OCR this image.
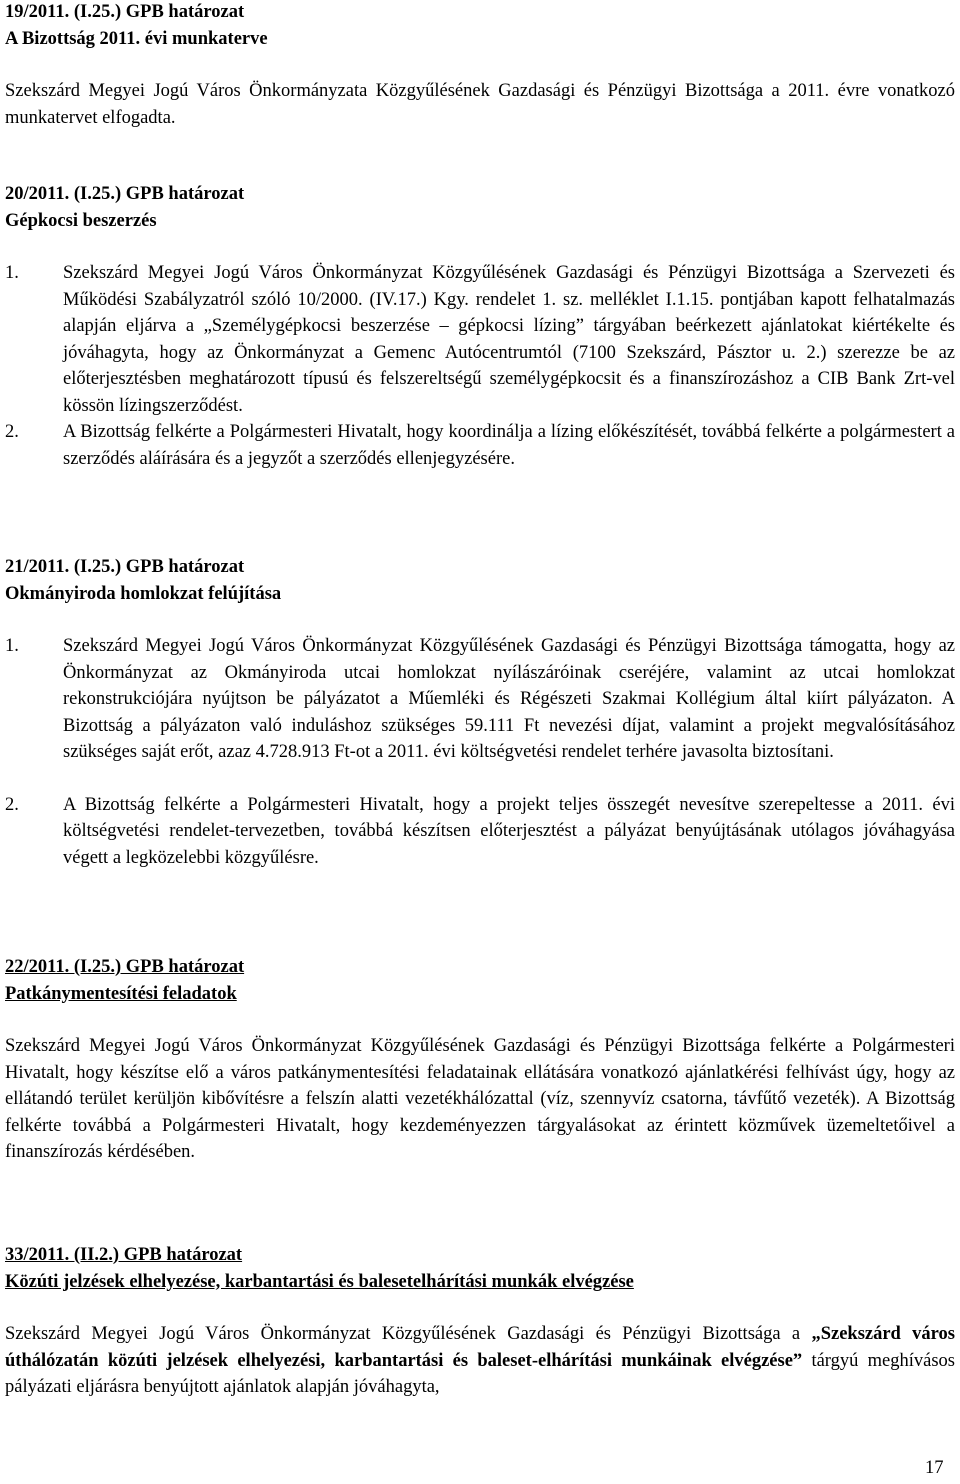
19/2011. (I.25.) GPB határozat

A Bizottság 2011. évi munkaterve

Szekszárd Megyei Jogú Város Önkormányzata Közgyűlésének Gazdasági és Pénzügyi Bizottsága a 2011. évre vonatkozó munkatervet elfogadta.

20/2011. (I.25.) GPB határozat

Gépkocsi beszerzés

1.	Szekszárd Megyei Jogú Város Önkormányzat Közgyűlésének Gazdasági és Pénzügyi Bizottsága a Szervezeti és Működési Szabályzatról szóló 10/2000. (IV.17.) Kgy. rendelet 1. sz. melléklet I.1.15. pontjában kapott felhatalmazás alapján eljárva a „Személygépkocsi beszerzése – gépkocsi lízing” tárgyában beérkezett ajánlatokat kiértékelte és jóváhagyta, hogy az Önkormányzat a Gemenc Autócentrumtól (7100 Szekszárd, Pásztor u. 2.) szerezze be az előterjesztésben meghatározott típusú és felszereltségű személygépkocsit és a finanszírozáshoz a CIB Bank Zrt-vel kössön lízingszerződést.
2.	A Bizottság felkérte a Polgármesteri Hivatalt, hogy koordinálja a lízing előkészítését, továbbá felkérte a polgármestert a szerződés aláírására és a jegyzőt a szerződés ellenjegyzésére.

21/2011. (I.25.) GPB határozat

Okmányiroda homlokzat felújítása

1.	Szekszárd Megyei Jogú Város Önkormányzat Közgyűlésének Gazdasági és Pénzügyi Bizottsága támogatta, hogy az Önkormányzat az Okmányiroda utcai homlokzat nyílászáróinak cseréjére, valamint az utcai homlokzat rekonstrukciójára nyújtson be pályázatot a Műemléki és Régészeti Szakmai Kollégium által kiírt pályázaton. A Bizottság a pályázaton való induláshoz szükséges 59.111 Ft nevezési díjat, valamint a projekt megvalósításához szükséges saját erőt, azaz 4.728.913 Ft-ot a 2011. évi költségvetési rendelet terhére javasolta biztosítani.
2.	A Bizottság felkérte a Polgármesteri Hivatalt, hogy a projekt teljes összegét nevesítve szerepeltesse a 2011. évi költségvetési rendelet-tervezetben, továbbá készítsen előterjesztést a pályázat benyújtásának utólagos jóváhagyása végett a legközelebbi közgyűlésre.

22/2011. (I.25.) GPB határozat

Patkánymentesítési feladatok

Szekszárd Megyei Jogú Város Önkormányzat Közgyűlésének Gazdasági és Pénzügyi Bizottsága felkérte a Polgármesteri Hivatalt, hogy készítse elő a város patkánymentesítési feladatainak ellátására vonatkozó ajánlatkérési felhívást úgy, hogy az ellátandó terület kerüljön kibővítésre a felszín alatti vezetékhálózattal (víz, szennyvíz csatorna, távfűtő vezeték). A Bizottság felkérte továbbá a Polgármesteri Hivatalt, hogy kezdeményezzen tárgyalásokat az érintett közművek üzemeltetőivel a finanszírozás kérdésében.

33/2011. (II.2.) GPB határozat

Közúti jelzések elhelyezése, karbantartási és balesetelhárítási munkák elvégzése

Szekszárd Megyei Jogú Város Önkormányzat Közgyűlésének Gazdasági és Pénzügyi Bizottsága a „Szekszárd város úthálózatán közúti jelzések elhelyezési, karbantartási és baleset-elhárítási munkáinak elvégzése” tárgyú meghívásos pályázati eljárásra benyújtott ajánlatok alapján jóváhagyta,

17
